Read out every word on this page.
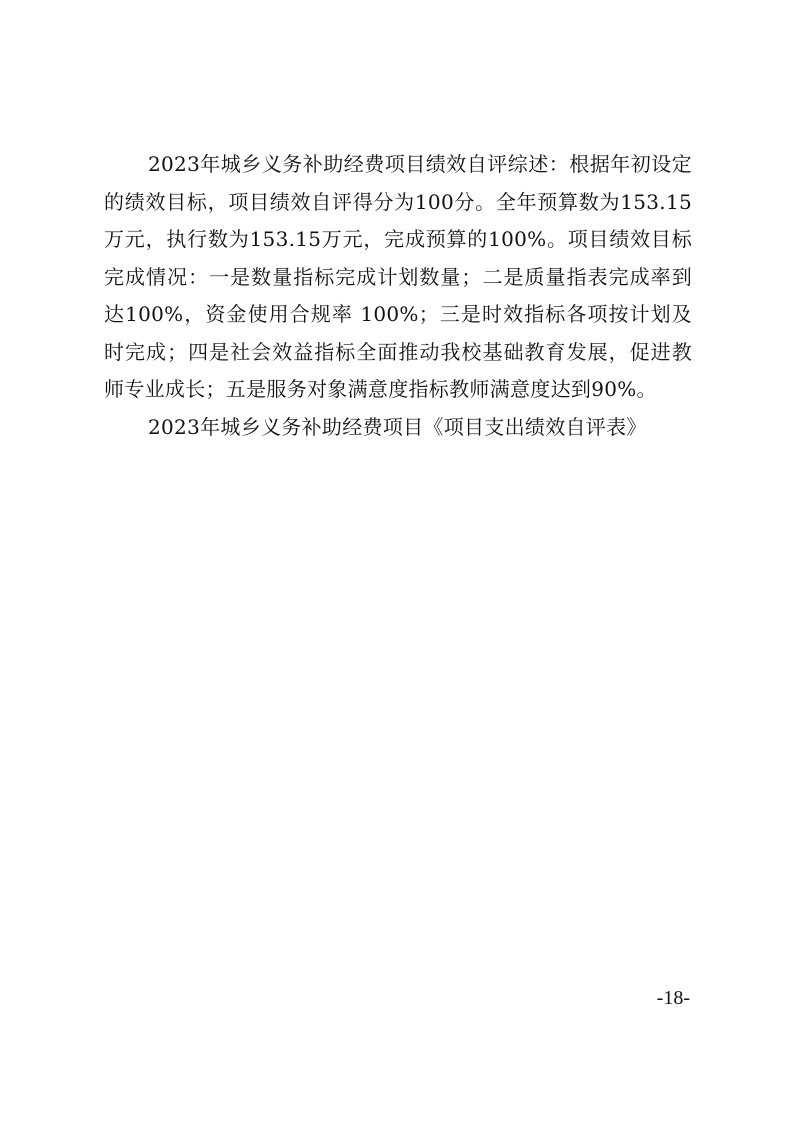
2023年城乡义务补助经费项目绩效自评综述：根据年初设定的绩效目标，项目绩效自评得分为100分。全年预算数为153.15万元，执行数为153.15万元，完成预算的100%。项目绩效目标完成情况：一是数量指标完成计划数量；二是质量指表完成率到达100%，资金使用合规率 100%；三是时效指标各项按计划及时完成；四是社会效益指标全面推动我校基础教育发展，促进教师专业成长；五是服务对象满意度指标教师满意度达到90%。

2023年城乡义务补助经费项目《项目支出绩效自评表》

-18-
